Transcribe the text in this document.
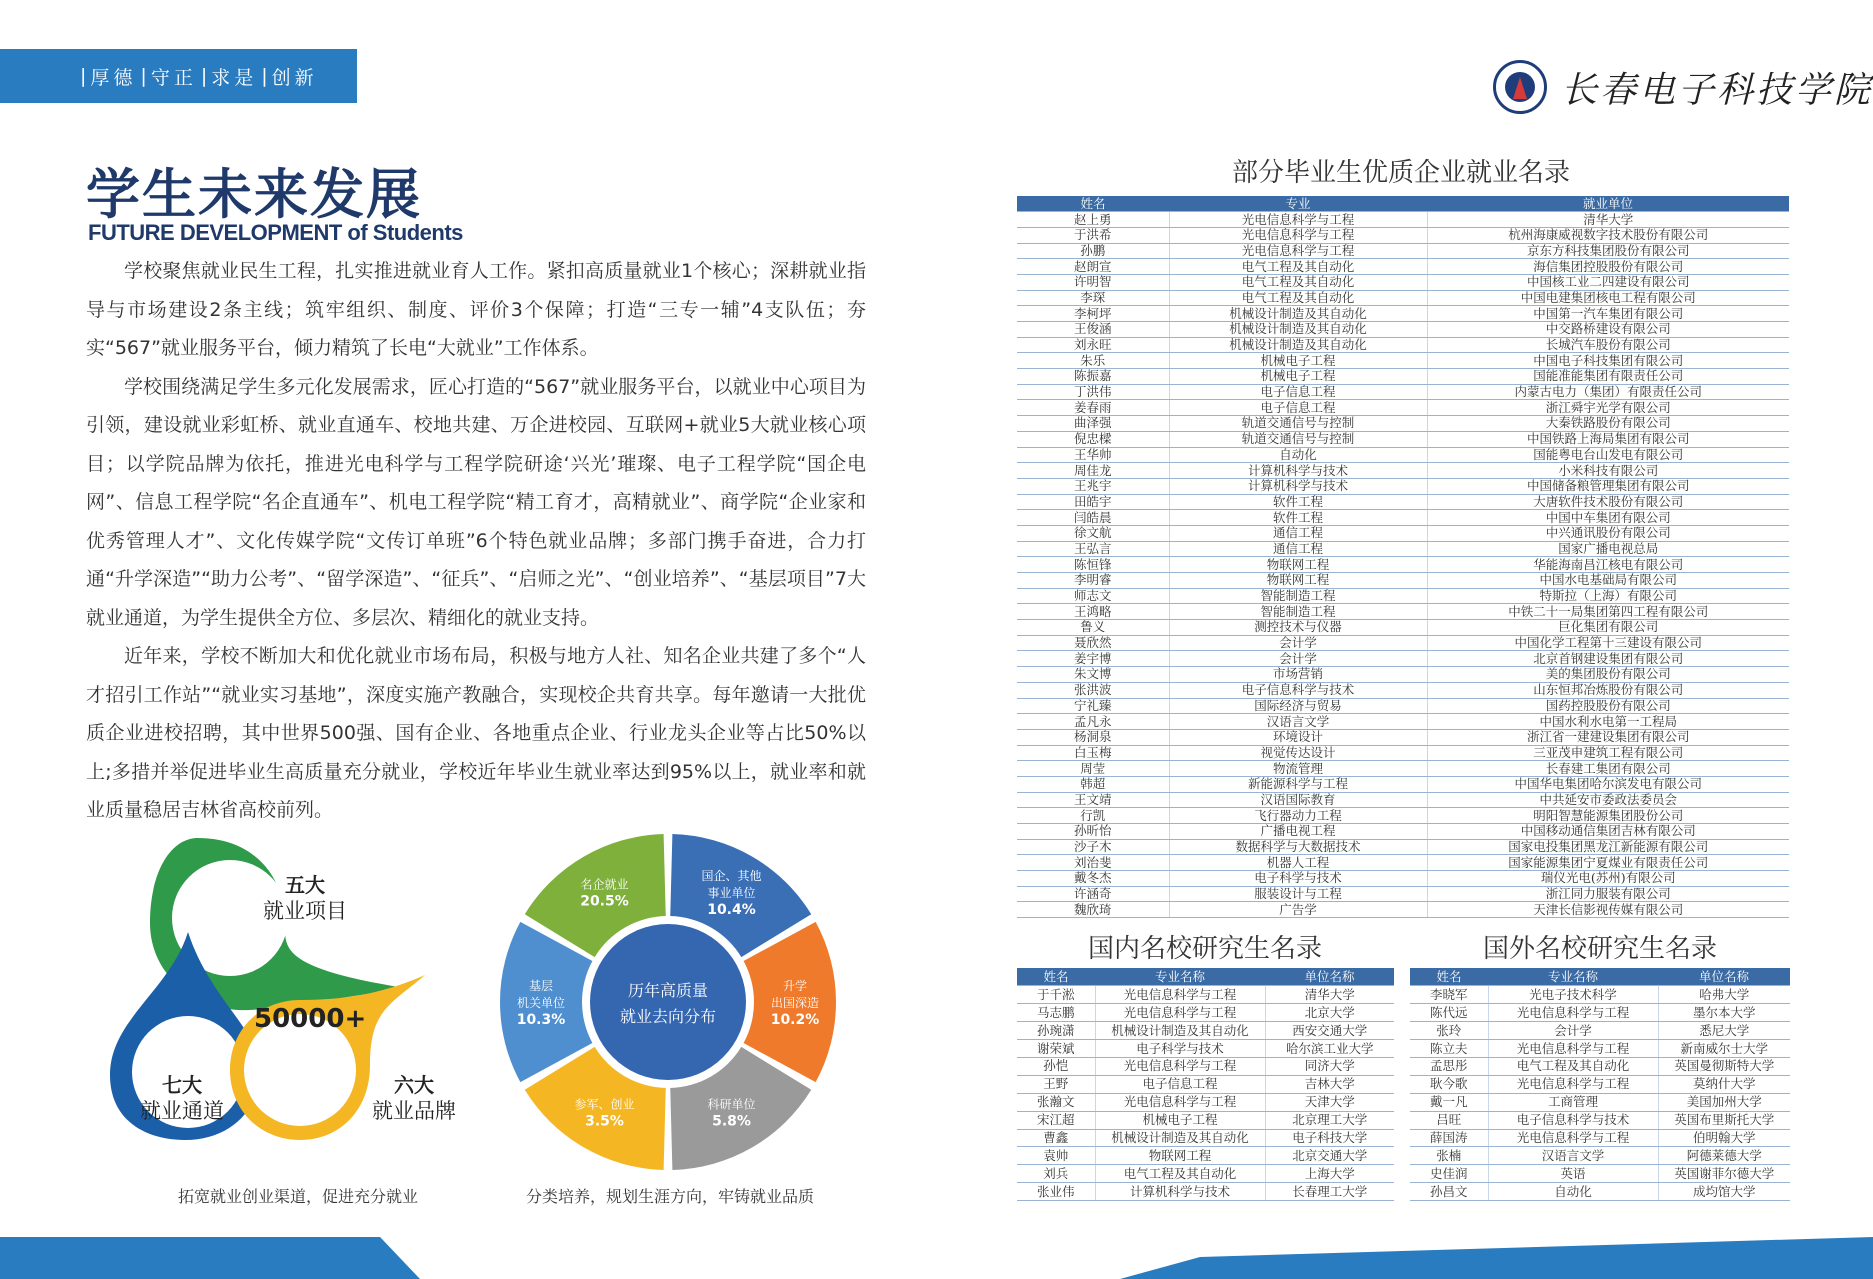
| 厚德 | 守正 | 求是 | 创新	长春电子科技学院
学生未来发展
FUTURE DEVELOPMENT of Students

学校聚焦就业民生工程，扎实推进就业育人工作。紧扣高质量就业1个核心；深耕就业指导与市场建设2条主线；筑牢组织、制度、评价3个保障；打造“三专一辅”4支队伍；夯实“567”就业服务平台，倾力精筑了长电“大就业”工作体系。

学校围绕满足学生多元化发展需求，匠心打造的“567”就业服务平台，以就业中心项目为引领，建设就业彩虹桥、就业直通车、校地共建、万企进校园、互联网+就业5大就业核心项目；以学院品牌为依托，推进光电科学与工程学院研途‘兴光’璀璨、电子工程学院“国企电网”、信息工程学院“名企直通车”、机电工程学院“精工育才，高精就业”、商学院“企业家和优秀管理人才”、文化传媒学院“文传订单班”6个特色就业品牌；多部门携手奋进，合力打通“升学深造”“助力公考”、“留学深造”、“征兵”、“启师之光”、“创业培养”、“基层项目”7大就业通道，为学生提供全方位、多层次、精细化的就业支持。

近年来，学校不断加大和优化就业市场布局，积极与地方人社、知名企业共建了多个“人才招引工作站”“就业实习基地”，深度实施产教融合，实现校企共育共享。每年邀请一大批优质企业进校招聘，其中世界500强、国有企业、各地重点企业、行业龙头企业等占比50%以上;多措并举促进毕业生高质量充分就业，学校近年毕业生就业率达到95%以上，就业率和就业质量稳居吉林省高校前列。

五大
就业项目
七大
就业通道
六大
就业品牌
50000+
拓宽就业创业渠道，促进充分就业
国企、其他
事业单位
10.4%
升学
出国深造
10.2%
科研单位
5.8%
参军、创业
3.5%
基层
机关单位
10.3%
名企就业
20.5%
历年高质量
就业去向分布
分类培养，规划生涯方向，牢铸就业品质
部分毕业生优质企业就业名录
姓名	专业	就业单位
赵上勇	光电信息科学与工程	清华大学
于洪希	光电信息科学与工程	杭州海康威视数字技术股份有限公司
孙鹏	光电信息科学与工程	京东方科技集团股份有限公司
赵朗宣	电气工程及其自动化	海信集团控股股份有限公司
许明智	电气工程及其自动化	中国核工业二四建设有限公司
李琛	电气工程及其自动化	中国电建集团核电工程有限公司
李柯坪	机械设计制造及其自动化	中国第一汽车集团有限公司
王俊涵	机械设计制造及其自动化	中交路桥建设有限公司
刘永旺	机械设计制造及其自动化	长城汽车股份有限公司
朱乐	机械电子工程	中国电子科技集团有限公司
陈振嘉	机械电子工程	国能准能集团有限责任公司
丁洪伟	电子信息工程	内蒙古电力（集团）有限责任公司
姜春雨	电子信息工程	浙江舜宇光学有限公司
曲泽强	轨道交通信号与控制	大秦铁路股份有限公司
倪忠樑	轨道交通信号与控制	中国铁路上海局集团有限公司
王华帅	自动化	国能粤电台山发电有限公司
周佳龙	计算机科学与技术	小米科技有限公司
王兆宇	计算机科学与技术	中国储备粮管理集团有限公司
田皓宇	软件工程	大唐软件技术股份有限公司
闫皓晨	软件工程	中国中车集团有限公司
徐文航	通信工程	中兴通讯股份有限公司
王弘言	通信工程	国家广播电视总局
陈恒锋	物联网工程	华能海南昌江核电有限公司
李明睿	物联网工程	中国水电基础局有限公司
师志文	智能制造工程	特斯拉（上海）有限公司
王鸿略	智能制造工程	中铁二十一局集团第四工程有限公司
鲁义	测控技术与仪器	巨化集团有限公司
聂欣然	会计学	中国化学工程第十三建设有限公司
姜宇博	会计学	北京首钢建设集团有限公司
朱文博	市场营销	美的集团股份有限公司
张洪波	电子信息科学与技术	山东恒邦冶炼股份有限公司
宁礼臻	国际经济与贸易	国药控股股份有限公司
孟凡永	汉语言文学	中国水利水电第一工程局
杨洞泉	环境设计	浙江省一建建设集团有限公司
白玉梅	视觉传达设计	三亚茂申建筑工程有限公司
周莹	物流管理	长春建工集团有限公司
韩超	新能源科学与工程	中国华电集团哈尔滨发电有限公司
王文靖	汉语国际教育	中共延安市委政法委员会
行凯	飞行器动力工程	明阳智慧能源集团股份公司
孙昕怡	广播电视工程	中国移动通信集团吉林有限公司
沙子木	数据科学与大数据技术	国家电投集团黑龙江新能源有限公司
刘治斐	机器人工程	国家能源集团宁夏煤业有限责任公司
戴冬杰	电子科学与技术	瑞仪光电(苏州)有限公司
许涵奇	服装设计与工程	浙江同力服装有限公司
魏欣琦	广告学	天津长信影视传媒有限公司
国内名校研究生名录
姓名	专业名称	单位名称
于千淞	光电信息科学与工程	清华大学
马志鹏	光电信息科学与工程	北京大学
孙琬潇	机械设计制造及其自动化	西安交通大学
谢荣斌	电子科学与技术	哈尔滨工业大学
孙恺	光电信息科学与工程	同济大学
王野	电子信息工程	吉林大学
张瀚文	光电信息科学与工程	天津大学
宋江超	机械电子工程	北京理工大学
曹鑫	机械设计制造及其自动化	电子科技大学
袁帅	物联网工程	北京交通大学
刘兵	电气工程及其自动化	上海大学
张业伟	计算机科学与技术	长春理工大学
国外名校研究生名录
姓名	专业名称	单位名称
李晓军	光电子技术科学	哈弗大学
陈代远	光电信息科学与工程	墨尔本大学
张玲	会计学	悉尼大学
陈立夫	光电信息科学与工程	新南威尔士大学
孟思彤	电气工程及其自动化	英国曼彻斯特大学
耿今歌	光电信息科学与工程	莫纳什大学
戴一凡	工商管理	美国加州大学
吕旺	电子信息科学与技术	英国布里斯托大学
薛国涛	光电信息科学与工程	伯明翰大学
张楠	汉语言文学	阿德莱德大学
史佳润	英语	英国谢菲尔德大学
孙昌文	自动化	成均馆大学
